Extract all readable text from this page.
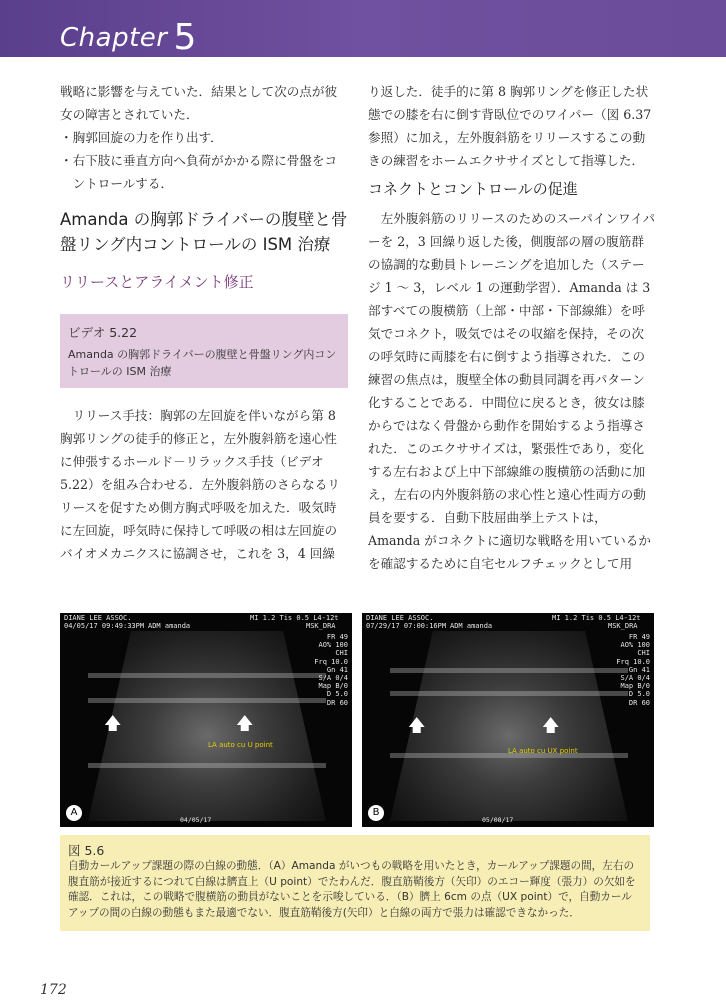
Chapter 5

戦略に影響を与えていた．結果として次の点が彼女の障害とされていた．

・胸郭回旋の力を作り出す．

・右下肢に垂直方向へ負荷がかかる際に骨盤をコントロールする．

Amanda の胸郭ドライバーの腹壁と骨盤リング内コントロールの ISM 治療
リリースとアライメント修正
ビデオ 5.22
Amanda の胸郭ドライバーの腹壁と骨盤リング内コントロールの ISM 治療

リリース手技：胸郭の左回旋を伴いながら第 8 胸郭リングの徒手的修正と，左外腹斜筋を遠心性に伸張するホールド－リラックス手技（ビデオ 5.22）を組み合わせる．左外腹斜筋のさらなるリリースを促すため側方胸式呼吸を加えた．吸気時に左回旋，呼気時に保持して呼吸の相は左回旋のバイオメカニクスに協調させ，これを 3，4 回繰

り返した．徒手的に第 8 胸郭リングを修正した状態での膝を右に倒す背臥位でのワイパー（図 6.37 参照）に加え，左外腹斜筋をリリースするこの動きの練習をホームエクササイズとして指導した．

コネクトとコントロールの促進

左外腹斜筋のリリースのためのスーパインワイパーを 2，3 回繰り返した後，側腹部の層の腹筋群の協調的な動員トレーニングを追加した（ステージ 1 ～ 3，レベル 1 の運動学習）．Amanda は 3 部すべての腹横筋（上部・中部・下部線維）を呼気でコネクト，吸気ではその収縮を保持，その次の呼気時に両膝を右に倒すよう指導された．この練習の焦点は，腹壁全体の動員同調を再パターン化することである．中間位に戻るとき，彼女は膝からではなく骨盤から動作を開始するよう指導された．このエクササイズは，緊張性であり，変化する左右および上中下部線維の腹横筋の活動に加え，左右の内外腹斜筋の求心性と遠心性両方の動員を要する．自動下肢屈曲挙上テストは，Amanda がコネクトに適切な戦略を用いているかを確認するために自宅セルフチェックとして用

DIANE LEE ASSOC.
04/05/17 09:49:33PM ADM amanda
MI 1.2 Tis 0.5 L4-12t
MSK_DRA
FR 49
AO% 100
CHI
Frq 10.0
Gn 41
S/A 0/4
Map B/0
D 5.0
DR 60
🡅	🡅
LA auto cu U point
A
04/05/17
DIANE LEE ASSOC.
07/29/17 07:00:16PM ADM amanda
MI 1.2 Tis 0.5 L4-12t
MSK_DRA
FR 49
AO% 100
CHI
Frq 10.0
Gn 41
S/A 0/4
Map B/0
D 5.0
DR 60
🡅	🡅
LA auto cu UX point
B
05/08/17
図 5.6
自動カールアップ課題の際の白線の動態．（A）Amanda がいつもの戦略を用いたとき，カールアップ課題の間，左右の腹直筋が接近するにつれて白線は臍直上（U point）でたわんだ．腹直筋鞘後方（矢印）のエコー輝度（張力）の欠如を確認．これは，この戦略で腹横筋の動員がないことを示唆している．（B）臍上 6cm の点（UX point）で，自動カールアップの間の白線の動態もまた最適でない．腹直筋鞘後方(矢印）と白線の両方で張力は確認できなかった．
172
